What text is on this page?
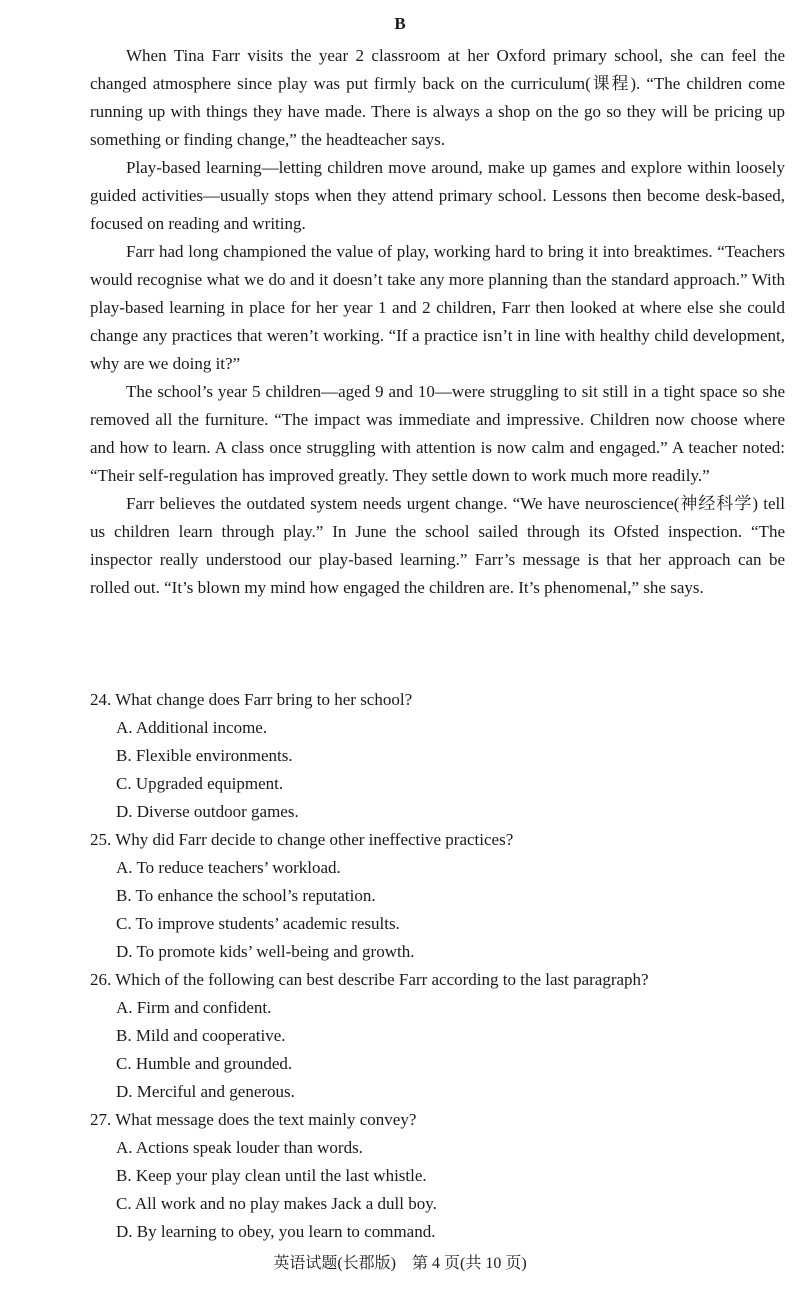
B

When Tina Farr visits the year 2 classroom at her Oxford primary school, she can feel the changed atmosphere since play was put firmly back on the curriculum(课程). “The children come running up with things they have made. There is always a shop on the go so they will be pricing up something or finding change,” the headteacher says.

Play-based learning—letting children move around, make up games and explore within loosely guided activities—usually stops when they attend primary school. Lessons then become desk-based, focused on reading and writing.

Farr had long championed the value of play, working hard to bring it into breaktimes. “Teachers would recognise what we do and it doesn’t take any more planning than the standard approach.” With play-based learning in place for her year 1 and 2 children, Farr then looked at where else she could change any practices that weren’t working. “If a practice isn’t in line with healthy child development, why are we doing it?”

The school’s year 5 children—aged 9 and 10—were struggling to sit still in a tight space so she removed all the furniture. “The impact was immediate and impressive. Children now choose where and how to learn. A class once struggling with attention is now calm and engaged.” A teacher noted: “Their self-regulation has improved greatly. They settle down to work much more readily.”

Farr believes the outdated system needs urgent change. “We have neuroscience(神经科学) tell us children learn through play.” In June the school sailed through its Ofsted inspection. “The inspector really understood our play-based learning.” Farr’s message is that her approach can be rolled out. “It’s blown my mind how engaged the children are. It’s phenomenal,” she says.

24. What change does Farr bring to her school?
A. Additional income.
B. Flexible environments.
C. Upgraded equipment.
D. Diverse outdoor games.
25. Why did Farr decide to change other ineffective practices?
A. To reduce teachers’ workload.
B. To enhance the school’s reputation.
C. To improve students’ academic results.
D. To promote kids’ well-being and growth.
26. Which of the following can best describe Farr according to the last paragraph?
A. Firm and confident.
B. Mild and cooperative.
C. Humble and grounded.
D. Merciful and generous.
27. What message does the text mainly convey?
A. Actions speak louder than words.
B. Keep your play clean until the last whistle.
C. All work and no play makes Jack a dull boy.
D. By learning to obey, you learn to command.
英语试题(长郡版)　第 4 页(共 10 页)
